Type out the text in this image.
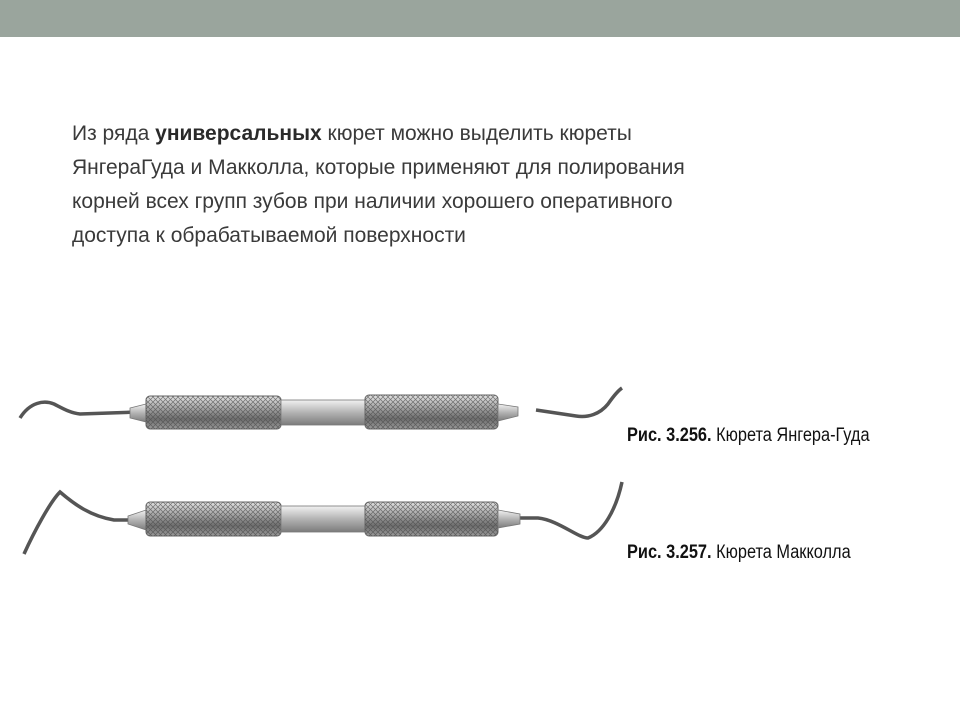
Из ряда универсальных кюрет можно выделить кюреты

ЯнгераГуда и Макколла, которые применяют для полирования

корней всех групп зубов при наличии хорошего оперативного

доступа к обрабатываемой поверхности

Рис. 3.256. Кюрета Янгера-Гуда
Рис. 3.257. Кюрета Макколла
